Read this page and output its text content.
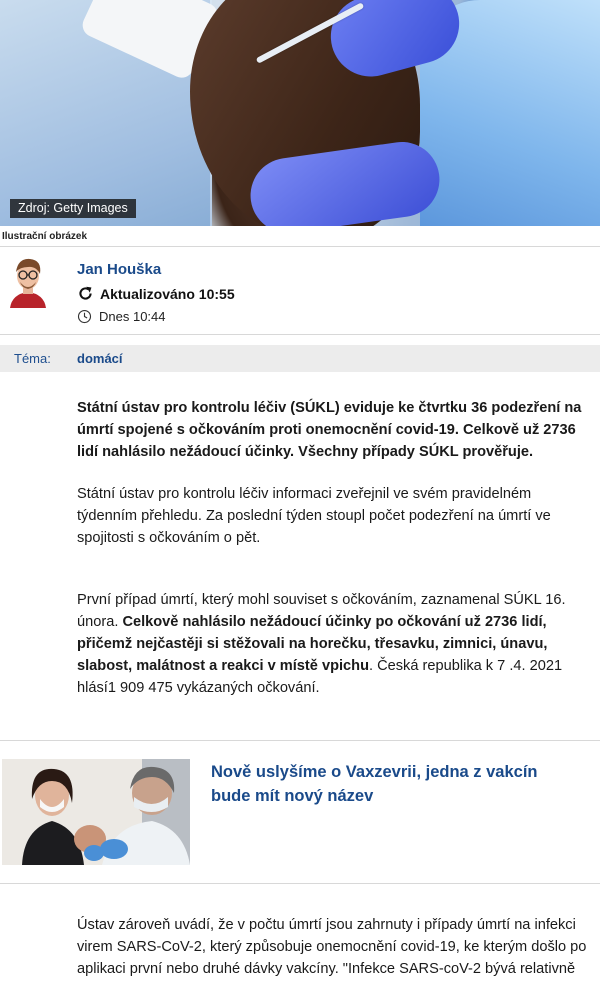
Zdroj: Getty Images
Ilustrační obrázek
Jan Houška
Aktualizováno 10:55
Dnes 10:44
Téma: domácí
Státní ústav pro kontrolu léčiv (SÚKL) eviduje ke čtvrtku 36 podezření na
úmrtí spojené s očkováním proti onemocnění covid-19. Celkově už 2736
lidí nahlásilo nežádoucí účinky. Všechny případy SÚKL prověřuje.
Státní ústav pro kontrolu léčiv informaci zveřejnil ve svém pravidelném
týdenním přehledu. Za poslední týden stoupl počet podezření na úmrtí ve
spojitosti s očkováním o pět.
První případ úmrtí, který mohl souviset s očkováním, zaznamenal SÚKL 16.
února. Celkově nahlásilo nežádoucí účinky po očkování už 2736 lidí,
přičemž nejčastěji si stěžovali na horečku, třesavku, zimnici, únavu,
slabost, malátnost a reakci v místě vpichu. Česká republika k 7 .4. 2021
hlásí1 909 475 vykázaných očkování.
Nově uslyšíme o Vaxzevrii, jedna z vakcín
bude mít nový název
Ústav zároveň uvádí, že v počtu úmrtí jsou zahrnuty i případy úmrtí na infekci
virem SARS-CoV-2, který způsobuje onemocnění covid-19, ke kterým došlo po
aplikaci první nebo druhé dávky vakcíny. "Infekce SARS-coV-2 bývá relativně
